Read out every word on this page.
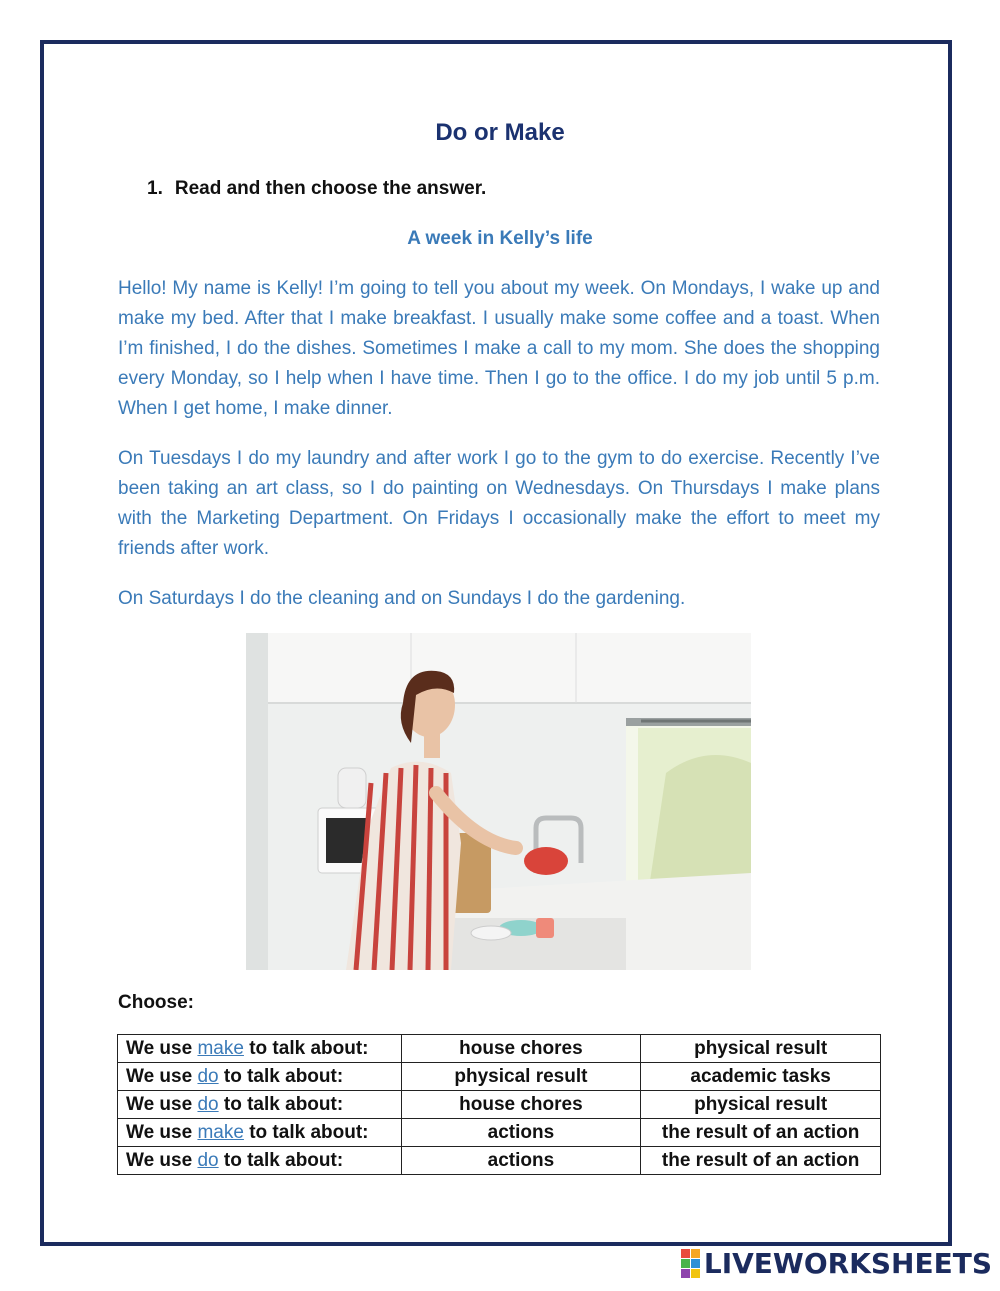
Do or Make
1. Read and then choose the answer.
A week in Kelly’s life

Hello! My name is Kelly! I’m going to tell you about my week. On Mondays, I wake up and make my bed. After that I make breakfast. I usually make some coffee and a toast. When I’m finished, I do the dishes. Sometimes I make a call to my mom. She does the shopping every Monday, so I help when I have time. Then I go to the office. I do my job until 5 p.m. When I get home, I make dinner.

On Tuesdays I do my laundry and after work I go to the gym to do exercise. Recently I’ve been taking an art class, so I do painting on Wednesdays. On Thursdays I make plans with the Marketing Department. On Fridays I occasionally make the effort to meet my friends after work.

On Saturdays I do the cleaning and on Sundays I do the gardening.

Choose:
We use make to talk about:	house chores	physical result
We use do to talk about:	physical result	academic tasks
We use do to talk about:	house chores	physical result
We use make to talk about:	actions	the result of an action
We use do to talk about:	actions	the result of an action
LIVEWORKSHEETS
